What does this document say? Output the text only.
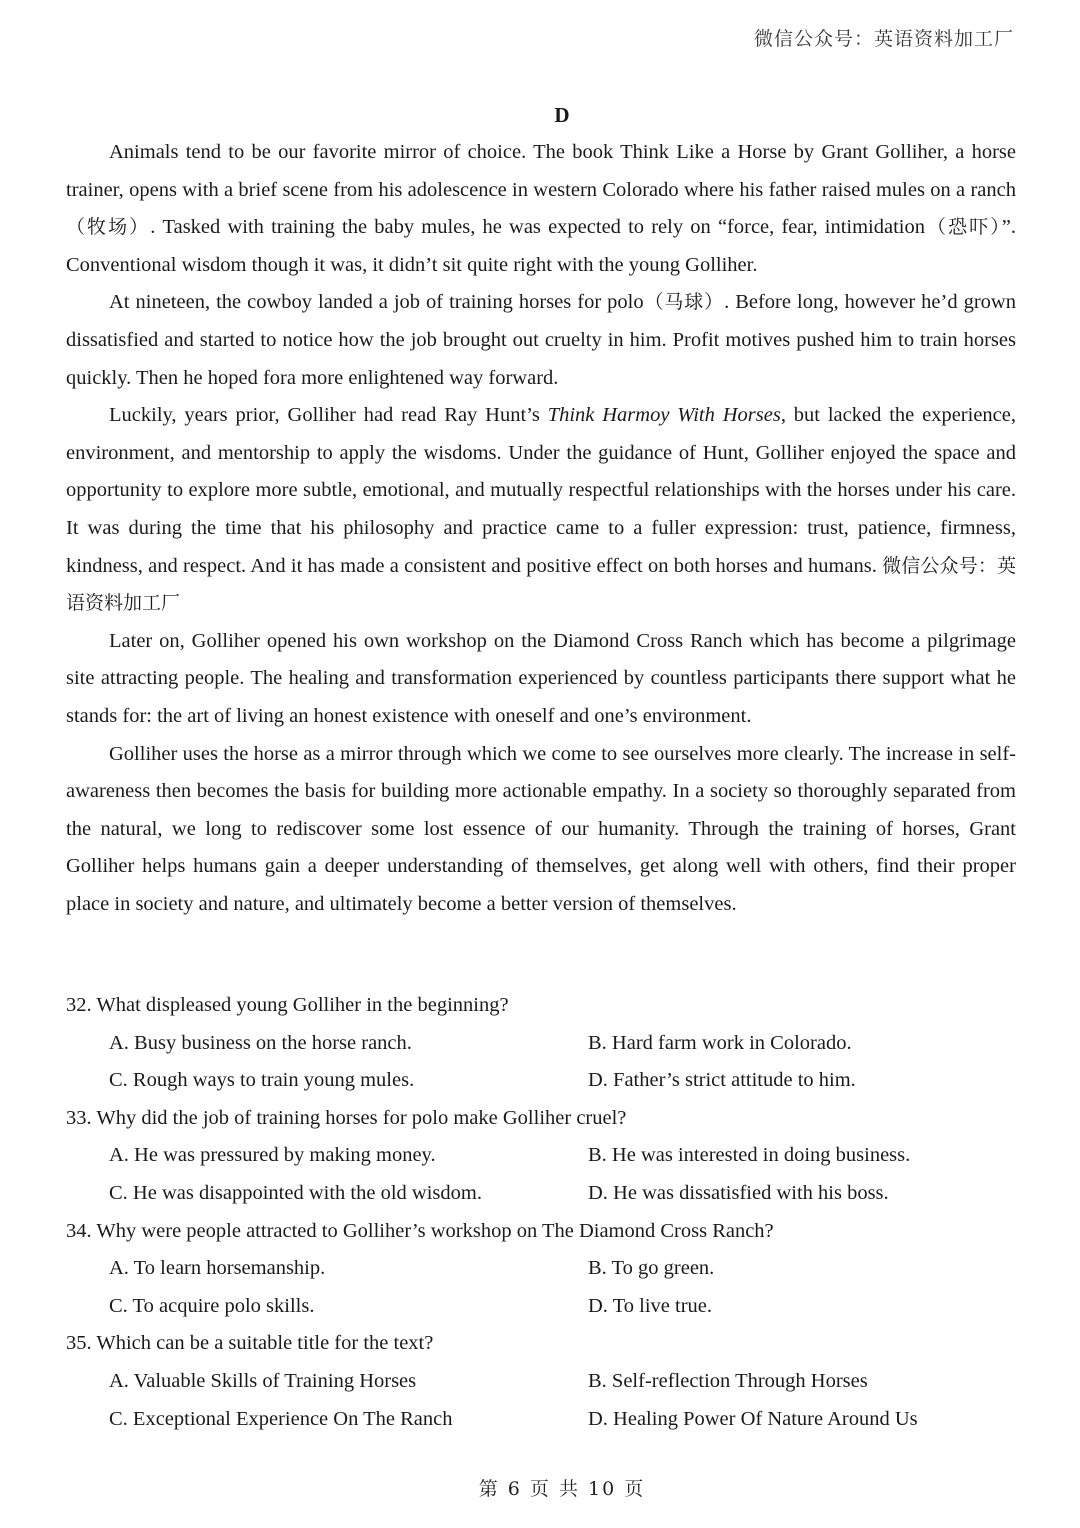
微信公众号：英语资料加工厂
D

Animals tend to be our favorite mirror of choice. The book Think Like a Horse by Grant Golliher, a horse trainer, opens with a brief scene from his adolescence in western Colorado where his father raised mules on a ranch（牧场）. Tasked with training the baby mules, he was expected to rely on “force, fear, intimidation（恐吓）”. Conventional wisdom though it was, it didn’t sit quite right with the young Golliher.

At nineteen, the cowboy landed a job of training horses for polo（马球）. Before long, however he’d grown dissatisfied and started to notice how the job brought out cruelty in him. Profit motives pushed him to train horses quickly. Then he hoped fora more enlightened way forward.

Luckily, years prior, Golliher had read Ray Hunt’s Think Harmoy With Horses, but lacked the experience, environment, and mentorship to apply the wisdoms. Under the guidance of Hunt, Golliher enjoyed the space and opportunity to explore more subtle, emotional, and mutually respectful relationships with the horses under his care. It was during the time that his philosophy and practice came to a fuller expression: trust, patience, firmness, kindness, and respect. And it has made a consistent and positive effect on both horses and humans. 微信公众号：英语资料加工厂

Later on, Golliher opened his own workshop on the Diamond Cross Ranch which has become a pilgrimage site attracting people. The healing and transformation experienced by countless participants there support what he stands for: the art of living an honest existence with oneself and one’s environment.

Golliher uses the horse as a mirror through which we come to see ourselves more clearly. The increase in self-awareness then becomes the basis for building more actionable empathy. In a society so thoroughly separated from the natural, we long to rediscover some lost essence of our humanity. Through the training of horses, Grant Golliher helps humans gain a deeper understanding of themselves, get along well with others, find their proper place in society and nature, and ultimately become a better version of themselves.

32. What displeased young Golliher in the beginning?
A. Busy business on the horse ranch.	B. Hard farm work in Colorado.
C. Rough ways to train young mules.	D. Father’s strict attitude to him.
33. Why did the job of training horses for polo make Golliher cruel?
A. He was pressured by making money.	B. He was interested in doing business.
C. He was disappointed with the old wisdom.	D. He was dissatisfied with his boss.
34. Why were people attracted to Golliher’s workshop on The Diamond Cross Ranch?
A. To learn horsemanship.	B. To go green.
C. To acquire polo skills.	D. To live true.
35. Which can be a suitable title for the text?
A. Valuable Skills of Training Horses	B. Self-reflection Through Horses
C. Exceptional Experience On The Ranch	D. Healing Power Of Nature Around Us
第 6 页 共 10 页
